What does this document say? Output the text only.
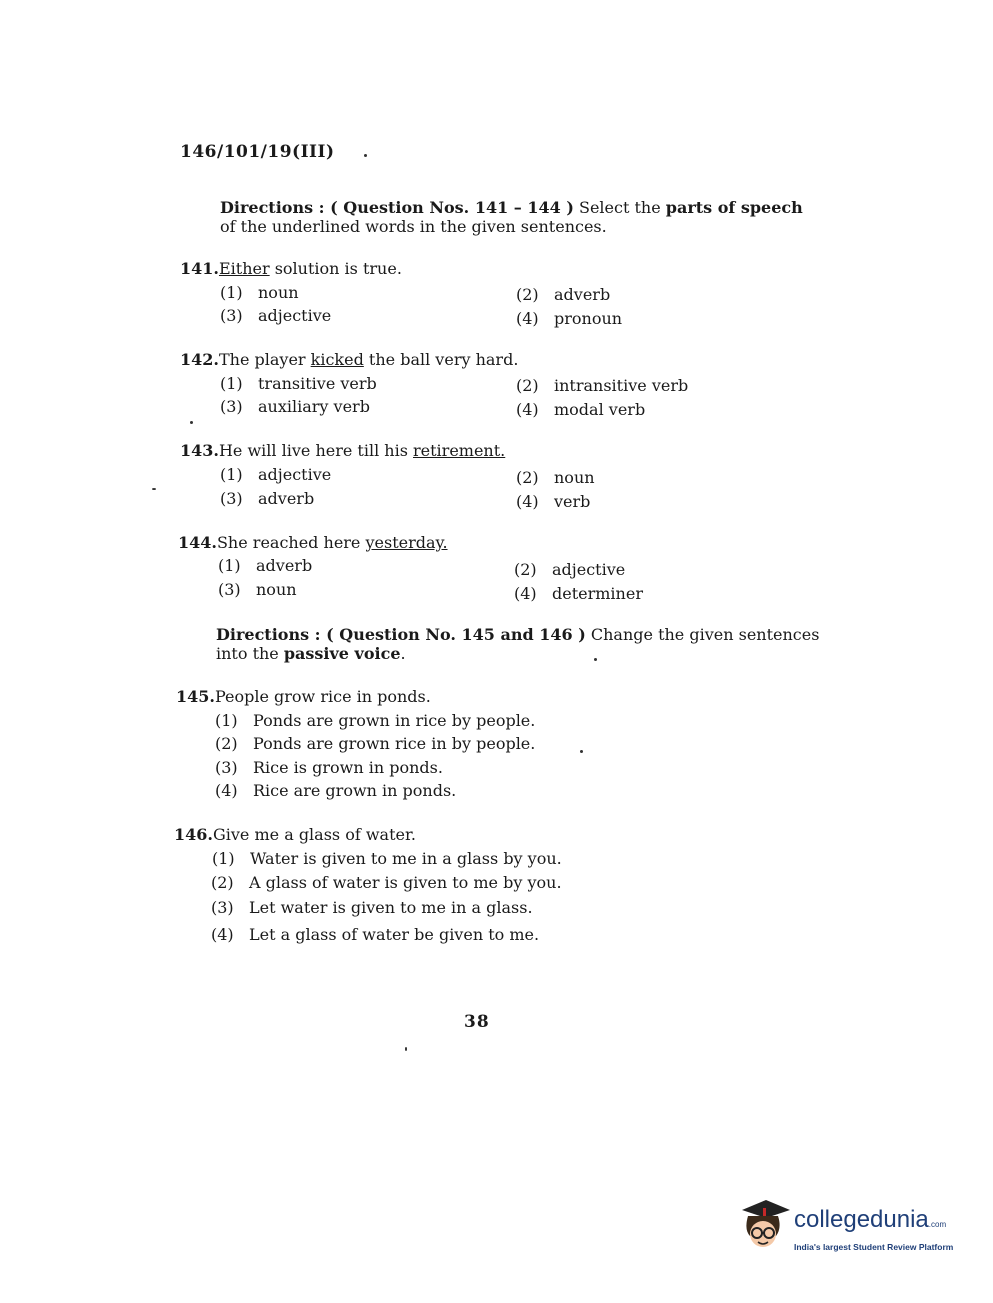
146/101/19(III)
Directions : ( Question Nos. 141 – 144 ) Select the parts of speech
of the underlined words in the given sentences.
141.Either solution is true.
(1) noun	(2) adverb
(3) adjective	(4) pronoun
142.The player kicked the ball very hard.
(1) transitive verb	(2) intransitive verb
(3) auxiliary verb	(4) modal verb
143.He will live here till his retirement.
(1) adjective	(2) noun
(3) adverb	(4) verb
144.She reached here yesterday.
(1) adverb	(2) adjective
(3) noun	(4) determiner
Directions : ( Question No. 145 and 146 ) Change the given sentences
into the passive voice.
145.People grow rice in ponds.
(1) Ponds are grown in rice by people.
(2) Ponds are grown rice in by people.
(3) Rice is grown in ponds.
(4) Rice are grown in ponds.
146.Give me a glass of water.
(1) Water is given to me in a glass by you.
(2) A glass of water is given to me by you.
(3) Let water is given to me in a glass.
(4) Let a glass of water be given to me.
38
collegedunia.com
India's largest Student Review Platform
